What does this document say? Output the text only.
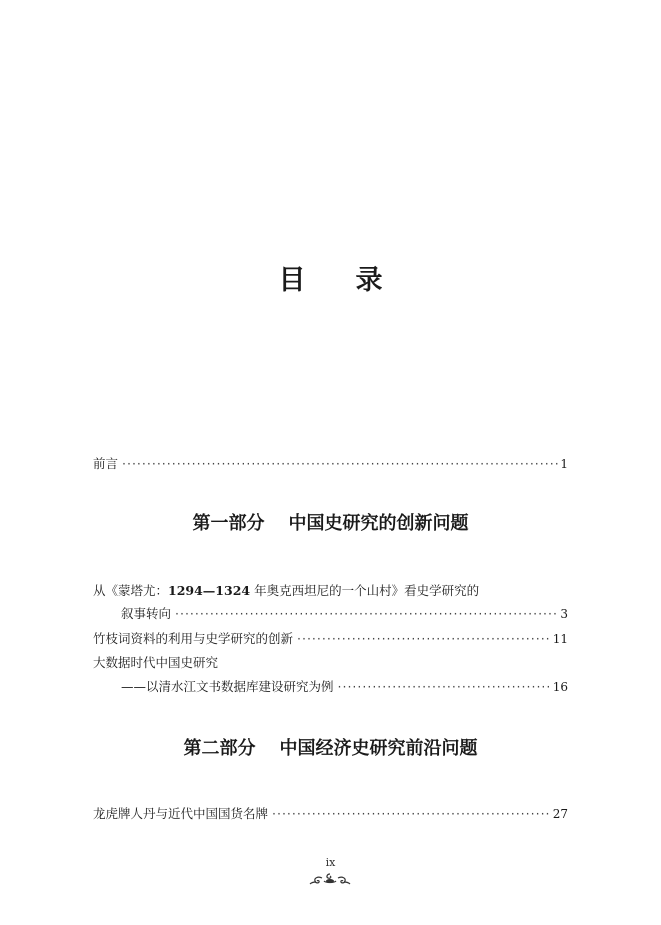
目录
前言 ·····	1
第一部分 中国史研究的创新问题
从《蒙塔尤：1294—1324 年奥克西坦尼的一个山村》看史学研究的
叙事转向 ·····	3
竹枝词资料的利用与史学研究的创新 ·····	11
大数据时代中国史研究
——以清水江文书数据库建设研究为例 ·····	16
第二部分 中国经济史研究前沿问题
龙虎牌人丹与近代中国国货名牌 ·····	27
ix
